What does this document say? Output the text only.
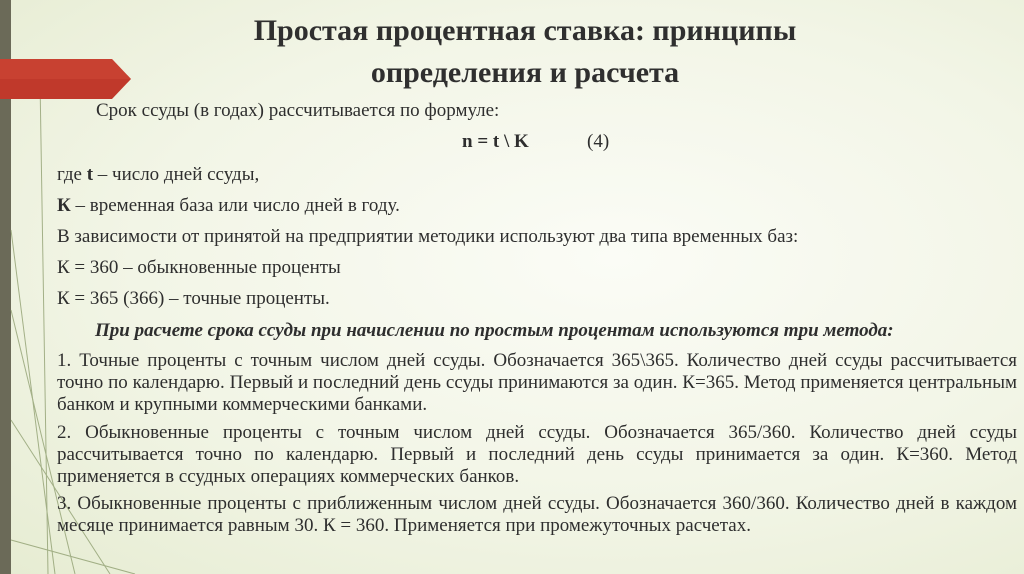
Простая процентная ставка: принципы
определения и расчета

Срок ссуды (в годах) рассчитывается по формуле:

n = t \ K	(4)

где t – число дней ссуды,

К – временная база или число дней в году.

В зависимости от принятой на предприятии методики используют два типа временных баз:

К = 360 – обыкновенные проценты

К = 365 (366) – точные проценты.

При расчете срока ссуды при начислении по простым процентам используются три метода:

1. Точные проценты с точным числом дней ссуды. Обозначается 365\365. Количество дней ссуды рассчитывается точно по календарю. Первый и последний день ссуды принимаются за один. К=365. Метод применяется центральным банком и крупными коммерческими банками.

2. Обыкновенные проценты с точным числом дней ссуды. Обозначается 365/360. Количество дней ссуды рассчитывается точно по календарю. Первый и последний день ссуды принимается за один. К=360. Метод применяется в ссудных операциях коммерческих банков.

3. Обыкновенные проценты с приближенным числом дней ссуды. Обозначается 360/360. Количество дней в каждом месяце принимается равным 30. К = 360. Применяется при промежуточных расчетах.
